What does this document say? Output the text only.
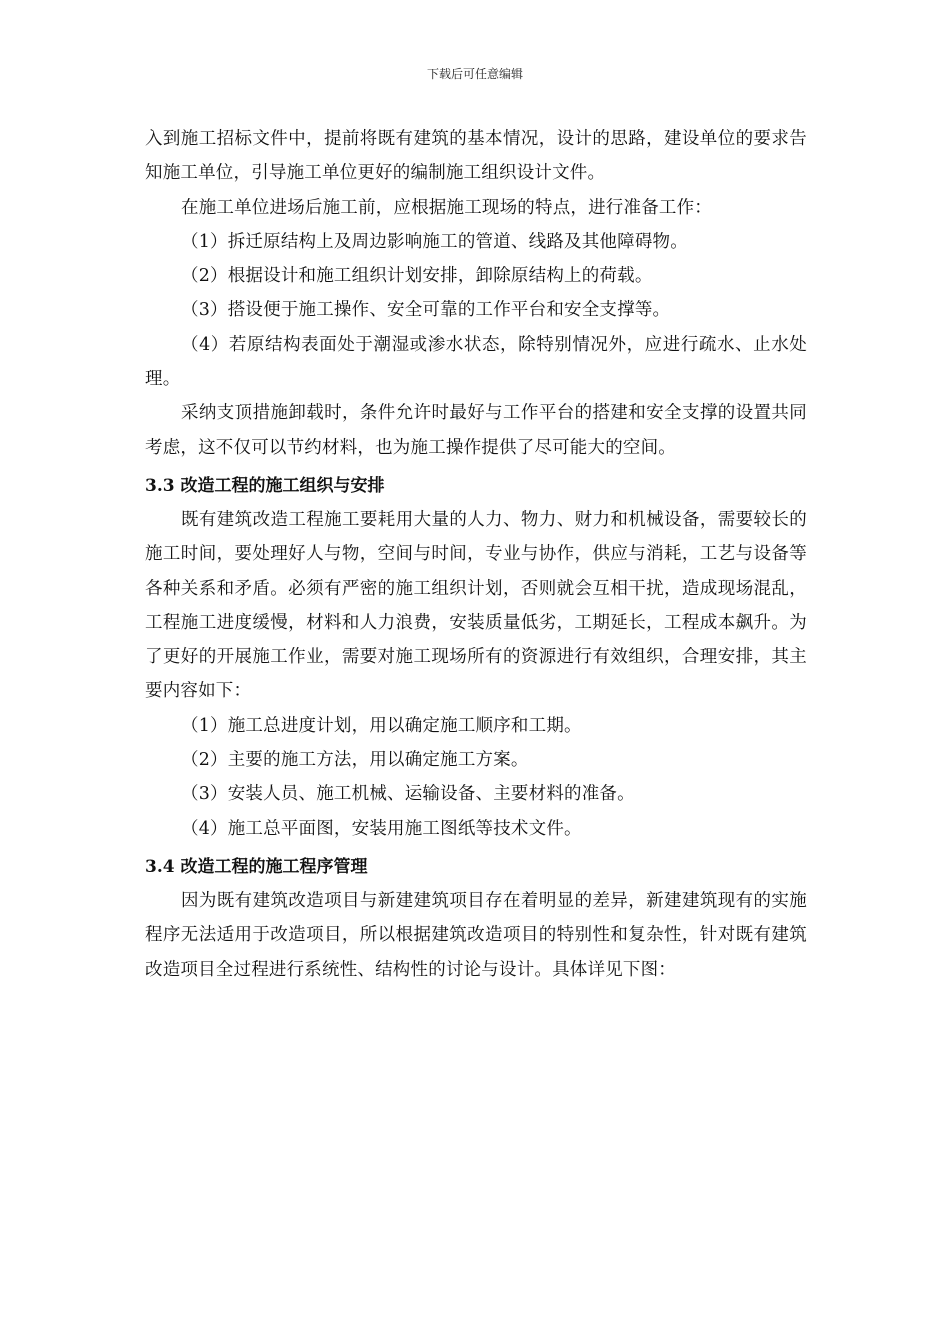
下载后可任意编辑

入到施工招标文件中，提前将既有建筑的基本情况，设计的思路，建设单位的要求告知施工单位，引导施工单位更好的编制施工组织设计文件。

在施工单位进场后施工前，应根据施工现场的特点，进行准备工作：

（1）拆迁原结构上及周边影响施工的管道、线路及其他障碍物。

（2）根据设计和施工组织计划安排，卸除原结构上的荷载。

（3）搭设便于施工操作、安全可靠的工作平台和安全支撑等。

（4）若原结构表面处于潮湿或渗水状态，除特别情况外，应进行疏水、止水处理。

采纳支顶措施卸载时，条件允许时最好与工作平台的搭建和安全支撑的设置共同考虑，这不仅可以节约材料，也为施工操作提供了尽可能大的空间。

3.3 改造工程的施工组织与安排

既有建筑改造工程施工要耗用大量的人力、物力、财力和机械设备，需要较长的施工时间，要处理好人与物，空间与时间，专业与协作，供应与消耗，工艺与设备等各种关系和矛盾。必须有严密的施工组织计划，否则就会互相干扰，造成现场混乱，工程施工进度缓慢，材料和人力浪费，安装质量低劣，工期延长，工程成本飙升。为了更好的开展施工作业，需要对施工现场所有的资源进行有效组织，合理安排，其主要内容如下：

（1）施工总进度计划，用以确定施工顺序和工期。

（2）主要的施工方法，用以确定施工方案。

（3）安装人员、施工机械、运输设备、主要材料的准备。

（4）施工总平面图，安装用施工图纸等技术文件。

3.4 改造工程的施工程序管理

因为既有建筑改造项目与新建建筑项目存在着明显的差异，新建建筑现有的实施程序无法适用于改造项目，所以根据建筑改造项目的特别性和复杂性，针对既有建筑改造项目全过程进行系统性、结构性的讨论与设计。具体详见下图：
